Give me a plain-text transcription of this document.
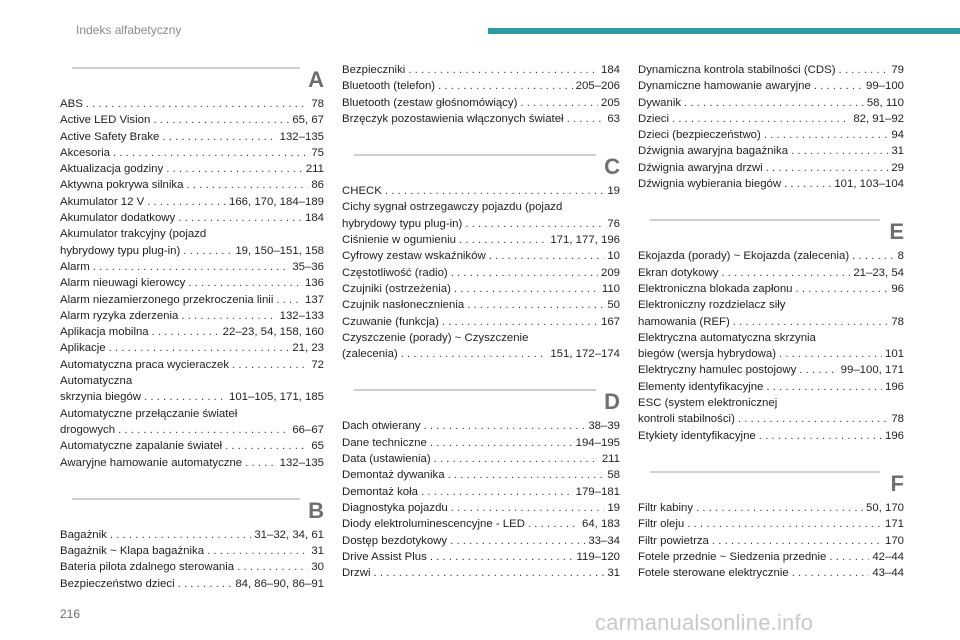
Indeks alfabetyczny
A
ABS . . .	78
Active LED Vision . . .	65, 67
Active Safety Brake . . .	132–135
Akcesoria . . .	75
Aktualizacja godziny . . .	211
Aktywna pokrywa silnika . . .	86
Akumulator 12 V . . .	166, 170, 184–189
Akumulator dodatkowy . . .	184
Akumulator trakcyjny (pojazd
hybrydowy typu plug-in) . . .	19, 150–151, 158
Alarm . . .	35–36
Alarm nieuwagi kierowcy . . .	136
Alarm niezamierzonego przekroczenia linii . . .	137
Alarm ryzyka zderzenia . . .	132–133
Aplikacja mobilna . . .	22–23, 54, 158, 160
Aplikacje . . .	21, 23
Automatyczna praca wycieraczek . . .	72
Automatyczna
skrzynia biegów . . .	101–105, 171, 185
Automatyczne przełączanie świateł
drogowych . . .	66–67
Automatyczne zapalanie świateł . . .	65
Awaryjne hamowanie automatyczne . . .	132–135
B
Bagażnik . . .	31–32, 34, 61
Bagażnik ~ Klapa bagażnika . . .	31
Bateria pilota zdalnego sterowania . . .	30
Bezpieczeństwo dzieci . . .	84, 86–90, 86–91
Bezpieczniki . . .	184
Bluetooth (telefon) . . .	205–206
Bluetooth (zestaw głośnomówiący) . . .	205
Brzęczyk pozostawienia włączonych świateł . . .	63
C
CHECK . . .	19
Cichy sygnał ostrzegawczy pojazdu (pojazd
hybrydowy typu plug-in) . . .	76
Ciśnienie w ogumieniu . . .	171, 177, 196
Cyfrowy zestaw wskaźników . . .	10
Częstotliwość (radio) . . .	209
Czujniki (ostrzeżenia) . . .	110
Czujnik nasłonecznienia . . .	50
Czuwanie (funkcja) . . .	167
Czyszczenie (porady) ~ Czyszczenie
(zalecenia) . . .	151, 172–174
D
Dach otwierany . . .	38–39
Dane techniczne . . .	194–195
Data (ustawienia) . . .	211
Demontaż dywanika . . .	58
Demontaż koła . . .	179–181
Diagnostyka pojazdu . . .	19
Diody elektroluminescencyjne - LED . . .	64, 183
Dostęp bezdotykowy . . .	33–34
Drive Assist Plus . . .	119–120
Drzwi . . .	31
Dynamiczna kontrola stabilności (CDS) . . .	79
Dynamiczne hamowanie awaryjne . . .	99–100
Dywanik . . .	58, 110
Dzieci . . .	82, 91–92
Dzieci (bezpieczeństwo) . . .	94
Dźwignia awaryjna bagażnika . . .	31
Dźwignia awaryjna drzwi . . .	29
Dźwignia wybierania biegów . . .	101, 103–104
E
Ekojazda (porady) ~ Ekojazda (zalecenia) . . .	8
Ekran dotykowy . . .	21–23, 54
Elektroniczna blokada zapłonu . . .	96
Elektroniczny rozdzielacz siły
hamowania (REF) . . .	78
Elektryczna automatyczna skrzynia
biegów (wersja hybrydowa) . . .	101
Elektryczny hamulec postojowy . . .	99–100, 171
Elementy identyfikacyjne . . .	196
ESC (system elektronicznej
kontroli stabilności) . . .	78
Etykiety identyfikacyjne . . .	196
F
Filtr kabiny . . .	50, 170
Filtr oleju . . .	171
Filtr powietrza . . .	170
Fotele przednie ~ Siedzenia przednie . . .	42–44
Fotele sterowane elektrycznie . . .	43–44
216	carmanualsonline.info
